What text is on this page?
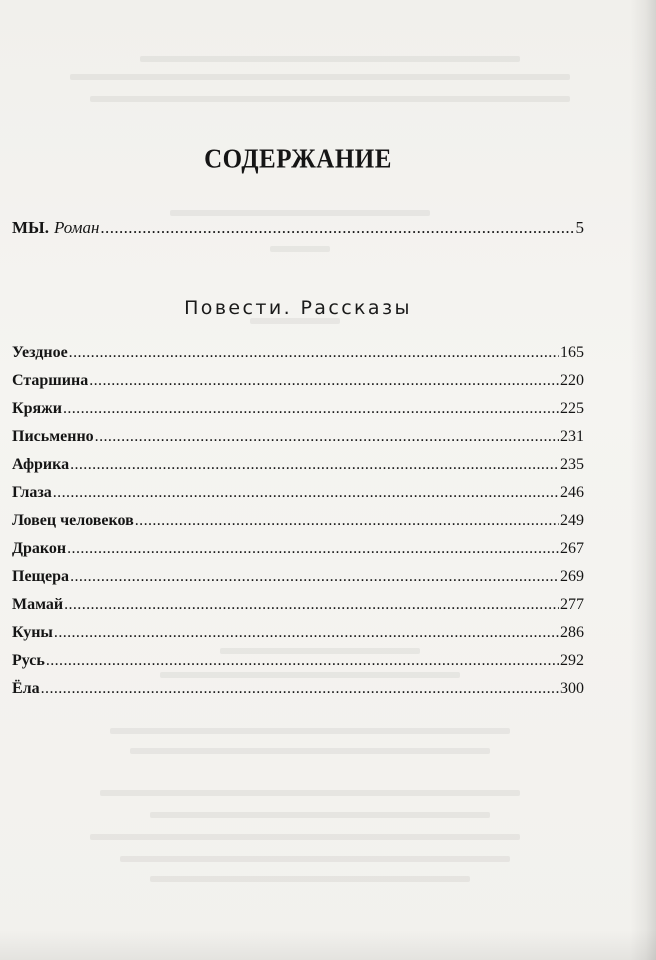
СОДЕРЖАНИЕ
МЫ. Роман .....	5
Повести. Рассказы
Уездное .....	165
Старшина .....	220
Кряжи .....	225
Письменно .....	231
Африка .....	235
Глаза .....	246
Ловец человеков .....	249
Дракон .....	267
Пещера .....	269
Мамай .....	277
Куны .....	286
Русь .....	292
Ёла .....	300
